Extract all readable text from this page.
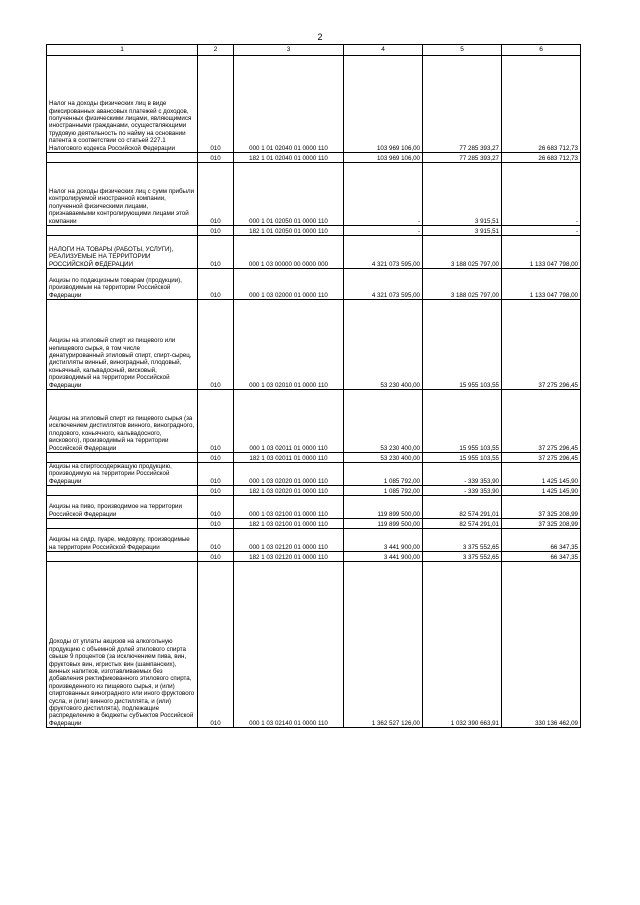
2
1	2	3	4	5	6
Налог на доходы физических лиц в виде фиксированных авансовых платежей с доходов, полученных физическими лицами, являющимися иностранными гражданами, осуществляющими трудовую деятельность по найму на основании патента в соответствии со статьей 227.1 Налогового кодекса Российской Федерации	010	000 1 01 02040 01 0000 110	103 969 106,00	77 285 393,27	26 683 712,73
	010	182 1 01 02040 01 0000 110	103 969 106,00	77 285 393,27	26 683 712,73
Налог на доходы физических лиц с сумм прибыли контролируемой иностранной компании, полученной физическими лицами, признаваемыми контролирующими лицами этой компании	010	000 1 01 02050 01 0000 110	-	3 915,51	-
	010	182 1 01 02050 01 0000 110	-	3 915,51	-
НАЛОГИ НА ТОВАРЫ (РАБОТЫ, УСЛУГИ), РЕАЛИЗУЕМЫЕ НА ТЕРРИТОРИИ РОССИЙСКОЙ ФЕДЕРАЦИИ	010	000 1 03 00000 00 0000 000	4 321 073 595,00	3 188 025 797,00	1 133 047 798,00
Акцизы по подакцизным товарам (продукции), производимым на территории Российской Федерации	010	000 1 03 02000 01 0000 110	4 321 073 595,00	3 188 025 797,00	1 133 047 798,00
Акцизы на этиловый спирт из пищевого или непищевого сырья, в том числе денатурированный этиловый спирт, спирт-сырец, дистилляты винный, виноградный, плодовый, коньячный, кальвадосный, висковый, производимый на территории Российской Федерации	010	000 1 03 02010 01 0000 110	53 230 400,00	15 955 103,55	37 275 296,45
Акцизы на этиловый спирт из пищевого сырья (за исключением дистиллятов винного, виноградного, плодового, коньячного, кальвадосного, вискового), производимый на территории Российской Федерации	010	000 1 03 02011 01 0000 110	53 230 400,00	15 955 103,55	37 275 296,45
	010	182 1 03 02011 01 0000 110	53 230 400,00	15 955 103,55	37 275 296,45
Акцизы на спиртосодержащую продукцию, производимую на территории Российской Федерации	010	000 1 03 02020 01 0000 110	1 085 792,00	- 339 353,90	1 425 145,90
	010	182 1 03 02020 01 0000 110	1 085 792,00	- 339 353,90	1 425 145,90
Акцизы на пиво, производимое на территории Российской Федерации	010	000 1 03 02100 01 0000 110	119 899 500,00	82 574 291,01	37 325 208,99
	010	182 1 03 02100 01 0000 110	119 899 500,00	82 574 291,01	37 325 208,99
Акцизы на сидр, пуаре, медовуху, производимые на территории Российской Федерации	010	000 1 03 02120 01 0000 110	3 441 900,00	3 375 552,65	66 347,35
	010	182 1 03 02120 01 0000 110	3 441 900,00	3 375 552,65	66 347,35
Доходы от уплаты акцизов на алкогольную продукцию с объемной долей этилового спирта свыше 9 процентов (за исключением пива, вин, фруктовых вин, игристых вин (шампанских), винных напитков, изготавливаемых без добавления ректификованного этилового спирта, произведенного из пищевого сырья, и (или) спиртованных виноградного или иного фруктового сусла, и (или) винного дистиллята, и (или) фруктового дистиллята), подлежащие распределению в бюджеты субъектов Российской Федерации	010	000 1 03 02140 01 0000 110	1 362 527 126,00	1 032 390 663,91	330 136 462,09
